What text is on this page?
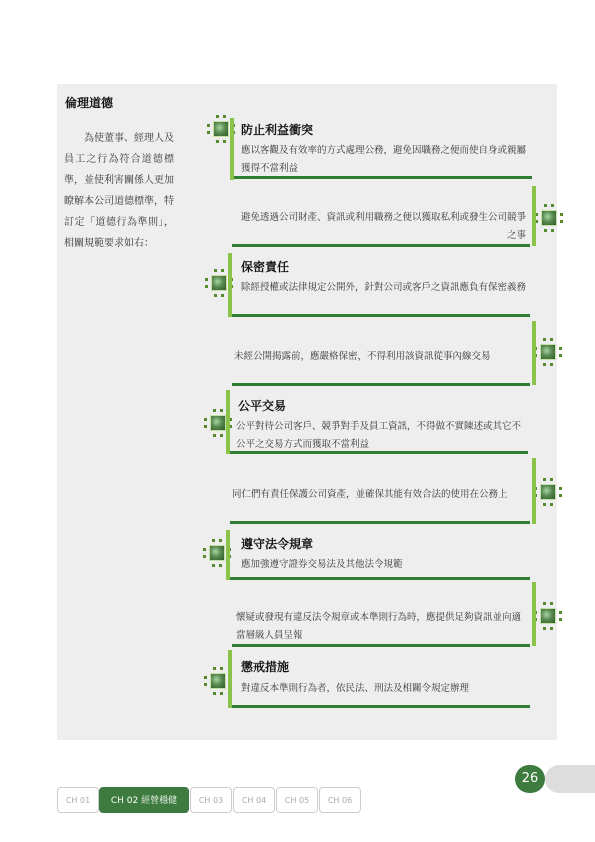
倫理道德
為使董事、經理人及員工之行為符合道德標準，並使利害關係人更加瞭解本公司道德標準，特訂定「道德行為準則」，相關規範要求如右：
防止利益衝突
應以客觀及有效率的方式處理公務，避免因職務之便而使自身或親屬獲得不當利益
避免透過公司財產、資訊或利用職務之便以獲取私利或發生公司競爭之事
保密責任
除經授權或法律規定公開外，針對公司或客戶之資訊應負有保密義務
未經公開揭露前，應嚴格保密，不得利用該資訊從事內線交易
公平交易
公平對待公司客戶、競爭對手及員工資訊，不得做不實陳述或其它不公平之交易方式而獲取不當利益
同仁們有責任保護公司資產，並確保其能有效合法的使用在公務上
遵守法令規章
應加強遵守證券交易法及其他法令規範
懷疑或發現有違反法令規章或本準則行為時，應提供足夠資訊並向適當層級人員呈報
懲戒措施
對違反本準則行為者，依民法、刑法及相關令規定辦理
26
CH 01	CH 02 經營穩健	CH 03	CH 04	CH 05	CH 06
